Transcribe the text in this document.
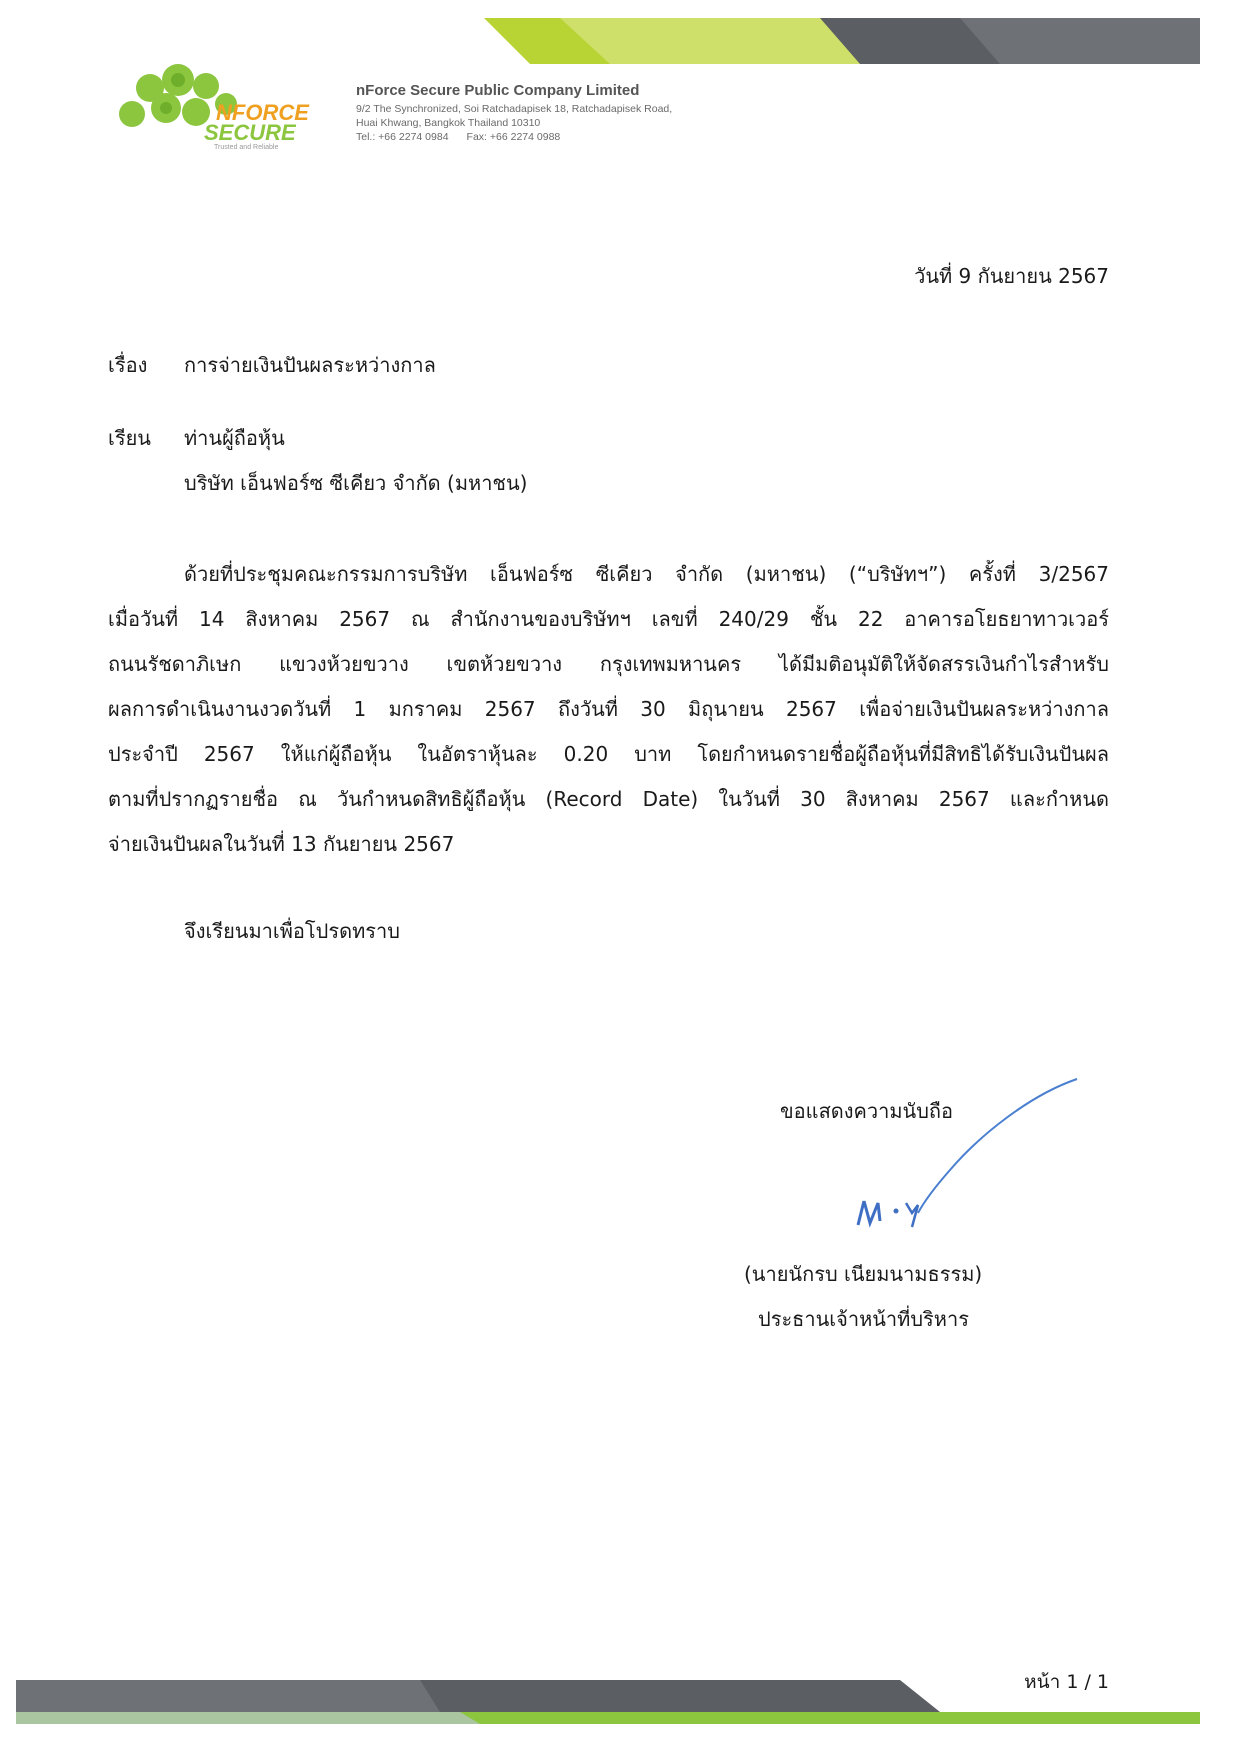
NFORCE
SECURE
Trusted and Reliable
nForce Secure Public Company Limited
9/2 The Synchronized, Soi Ratchadapisek 18, Ratchadapisek Road,
Huai Khwang, Bangkok Thailand 10310
Tel.: +66 2274 0984 Fax: +66 2274 0988
วันที่ 9 กันยายน 2567
เรื่อง การจ่ายเงินปันผลระหว่างกาล
เรียน ท่านผู้ถือหุ้น
บริษัท เอ็นฟอร์ซ ซีเคียว จำกัด (มหาชน)
ด้วยที่ประชุมคณะกรรมการบริษัท เอ็นฟอร์ซ ซีเคียว จำกัด (มหาชน) (“บริษัทฯ”) ครั้งที่ 3/2567
เมื่อวันที่ 14 สิงหาคม 2567 ณ สำนักงานของบริษัทฯ เลขที่ 240/29 ชั้น 22 อาคารอโยธยาทาวเวอร์
ถนนรัชดาภิเษก แขวงห้วยขวาง เขตห้วยขวาง กรุงเทพมหานคร ได้มีมติอนุมัติให้จัดสรรเงินกำไรสำหรับ
ผลการดำเนินงานงวดวันที่ 1 มกราคม 2567 ถึงวันที่ 30 มิถุนายน 2567 เพื่อจ่ายเงินปันผลระหว่างกาล
ประจำปี 2567 ให้แก่ผู้ถือหุ้น ในอัตราหุ้นละ 0.20 บาท โดยกำหนดรายชื่อผู้ถือหุ้นที่มีสิทธิได้รับเงินปันผล
ตามที่ปรากฏรายชื่อ ณ วันกำหนดสิทธิผู้ถือหุ้น (Record Date) ในวันที่ 30 สิงหาคม 2567 และกำหนด
จ่ายเงินปันผลในวันที่ 13 กันยายน 2567
จึงเรียนมาเพื่อโปรดทราบ
ขอแสดงความนับถือ
(นายนักรบ เนียมนามธรรม)
ประธานเจ้าหน้าที่บริหาร
หน้า 1 / 1
